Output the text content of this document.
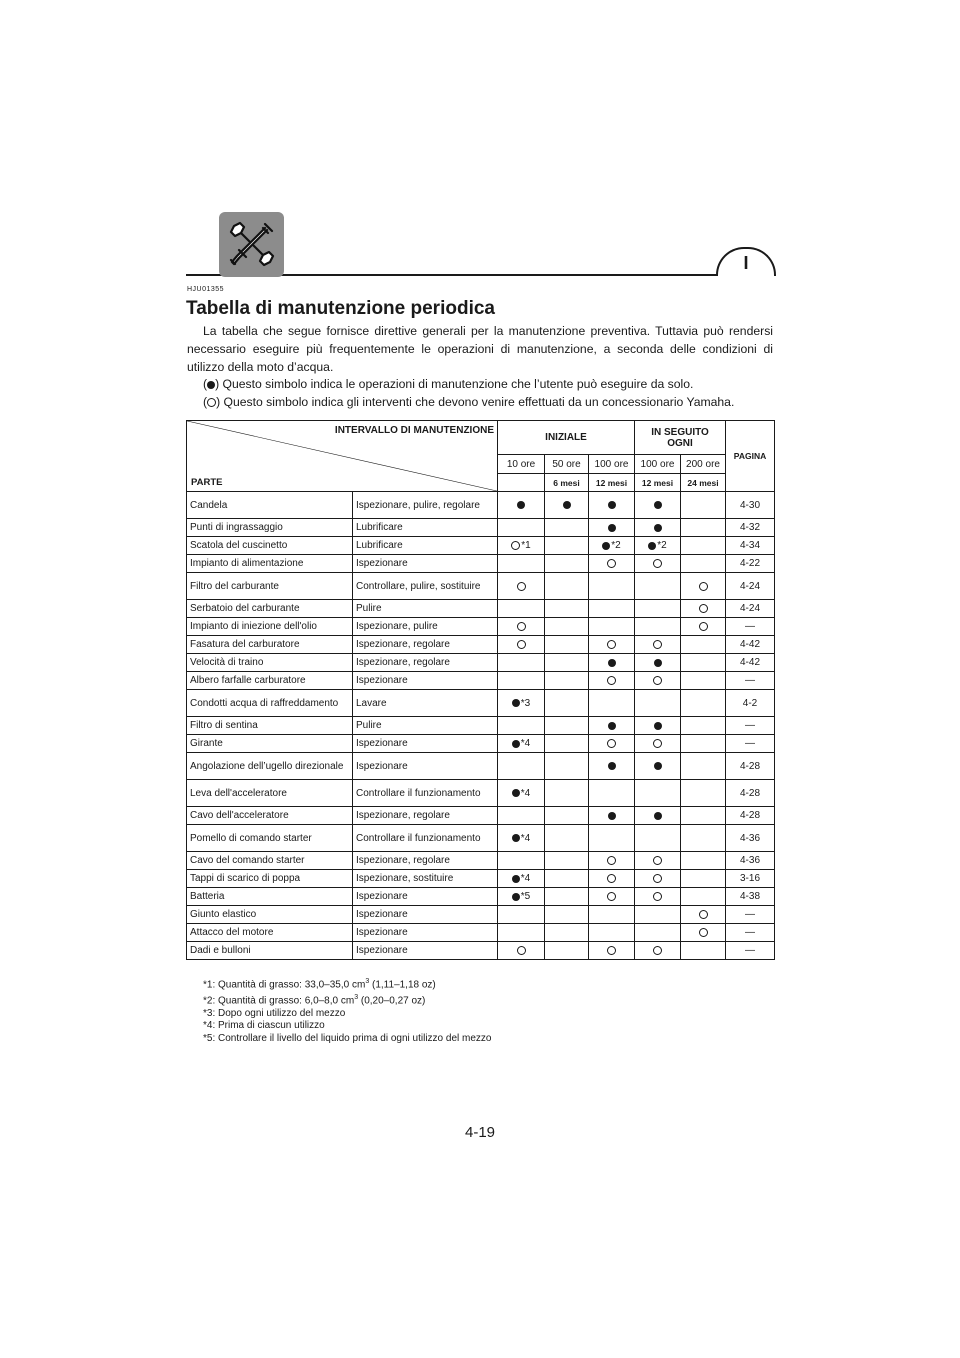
I
HJU01355
Tabella di manutenzione periodica

La tabella che segue fornisce direttive generali per la manutenzione preventiva. Tuttavia può rendersi necessario eseguire più frequentemente le operazioni di manutenzione, a seconda delle condizioni di utilizzo della moto d’acqua.

( ) Questo simbolo indica le operazioni di manutenzione che l’utente può eseguire da solo.
( ) Questo simbolo indica gli interventi che devono venire effettuati da un concessionario Yamaha.
INTERVALLO DI MANUTENZIONE
PARTE		INIZIALE			IN SEGUITO OGNI		PAGINA
		10 ore	50 ore	100 ore	100 ore	200 ore	
			6 mesi	12 mesi	12 mesi	24 mesi	
Candela	Ispezionare, pulire, regolare						4-30
Punti di ingrassaggio	Lubrificare						4-32
Scatola del cuscinetto	Lubrificare	*1		*2	*2		4-34
Impianto di alimentazione	Ispezionare						4-22
Filtro del carburante	Controllare, pulire, sostituire						4-24
Serbatoio del carburante	Pulire						4-24
Impianto di iniezione dell'olio	Ispezionare, pulire						—
Fasatura del carburatore	Ispezionare, regolare						4-42
Velocità di traino	Ispezionare, regolare						4-42
Albero farfalle carburatore	Ispezionare						—
Condotti acqua di raffreddamento	Lavare	*3					4-2
Filtro di sentina	Pulire						—
Girante	Ispezionare	*4					—
Angolazione dell’ugello direzionale	Ispezionare						4-28
Leva dell'acceleratore	Controllare il funzionamento	*4					4-28
Cavo dell'acceleratore	Ispezionare, regolare						4-28
Pomello di comando starter	Controllare il funzionamento	*4					4-36
Cavo del comando starter	Ispezionare, regolare						4-36
Tappi di scarico di poppa	Ispezionare, sostituire	*4					3-16
Batteria	Ispezionare	*5					4-38
Giunto elastico	Ispezionare						—
Attacco del motore	Ispezionare						—
Dadi e bulloni	Ispezionare						—
*1: Quantità di grasso: 33,0–35,0 $cm^3$ (1,11–1,18 oz)
*2: Quantità di grasso: 6,0–8,0 $cm^3$ (0,20–0,27 oz)
*3: Dopo ogni utilizzo del mezzo
*4: Prima di ciascun utilizzo
*5: Controllare il livello del liquido prima di ogni utilizzo del mezzo
4-19
